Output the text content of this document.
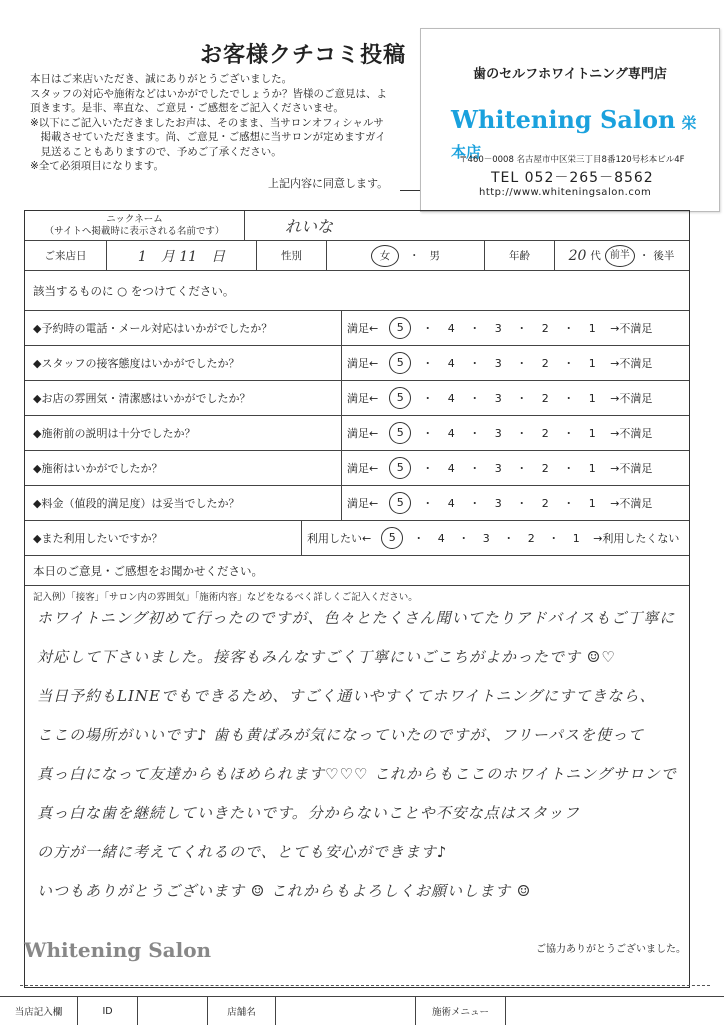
お客様クチコミ投稿
本日はご来店いただき、誠にありがとうございました。
スタッフの対応や施術などはいかがでしたでしょうか？皆様のご意見は、よ
頂きます。是非、率直な、ご意見・ご感想をご記入くださいませ。
※以下にご記入いただきましたお声は、そのまま、当サロンオフィシャルサ
　掲載させていただきます。尚、ご意見・ご感想に当サロンが定めますガイ
　見送ることもありますので、予めご了承ください。
※全て必須項目になります。
上記内容に同意します。
歯のセルフホワイトニング専門店
Whitening Salon 栄本店
〒460－0008 名古屋市中区栄三丁目8番120号杉本ビル4F
TEL 052－265－8562
http://www.whiteningsalon.com
ニックネーム
（サイトへ掲載時に表示される名前です）	れいな
ご来店日	1　月 11　日	性別	女	・ 男	年齢	20 代 前半 ・ 後半
該当するものに ○ をつけてください。
◆予約時の電話・メール対応はいかがでしたか？	満足←	5	・	4	・	3	・	2	・	1	→不満足
◆スタッフの接客態度はいかがでしたか？	満足←	5	・	4	・	3	・	2	・	1	→不満足
◆お店の雰囲気・清潔感はいかがでしたか？	満足←	5	・	4	・	3	・	2	・	1	→不満足
◆施術前の説明は十分でしたか？	満足←	5	・	4	・	3	・	2	・	1	→不満足
◆施術はいかがでしたか？	満足←	5	・	4	・	3	・	2	・	1	→不満足
◆料金（値段的満足度）は妥当でしたか？	満足←	5	・	4	・	3	・	2	・	1	→不満足
◆また利用したいですか？	利用したい←	5	・	4	・	3	・	2	・	1	→利用したくない
本日のご意見・ご感想をお聞かせください。
記入例）「接客」「サロン内の雰囲気」「施術内容」などをなるべく詳しくご記入ください。
ホワイトニング初めて行ったのですが、色々とたくさん聞いてたりアドバイスもご丁寧に
対応して下さいました。接客もみんなすごく丁寧にいごこちがよかったです ☺♡
当日予約もLINEでもできるため、すごく通いやすくてホワイトニングにすてきなら、
ここの場所がいいです♪ 歯も黄ばみが気になっていたのですが、フリーパスを使って
真っ白になって友達からもほめられます♡♡♡ これからもここのホワイトニングサロンで
真っ白な歯を継続していきたいです。分からないことや不安な点はスタッフ
の方が一緒に考えてくれるので、とても安心ができます♪
いつもありがとうございます ☺ これからもよろしくお願いします ☺
Whitening Salon	ご協力ありがとうございました。
当店記入欄	ID	店舗名	施術メニュー
